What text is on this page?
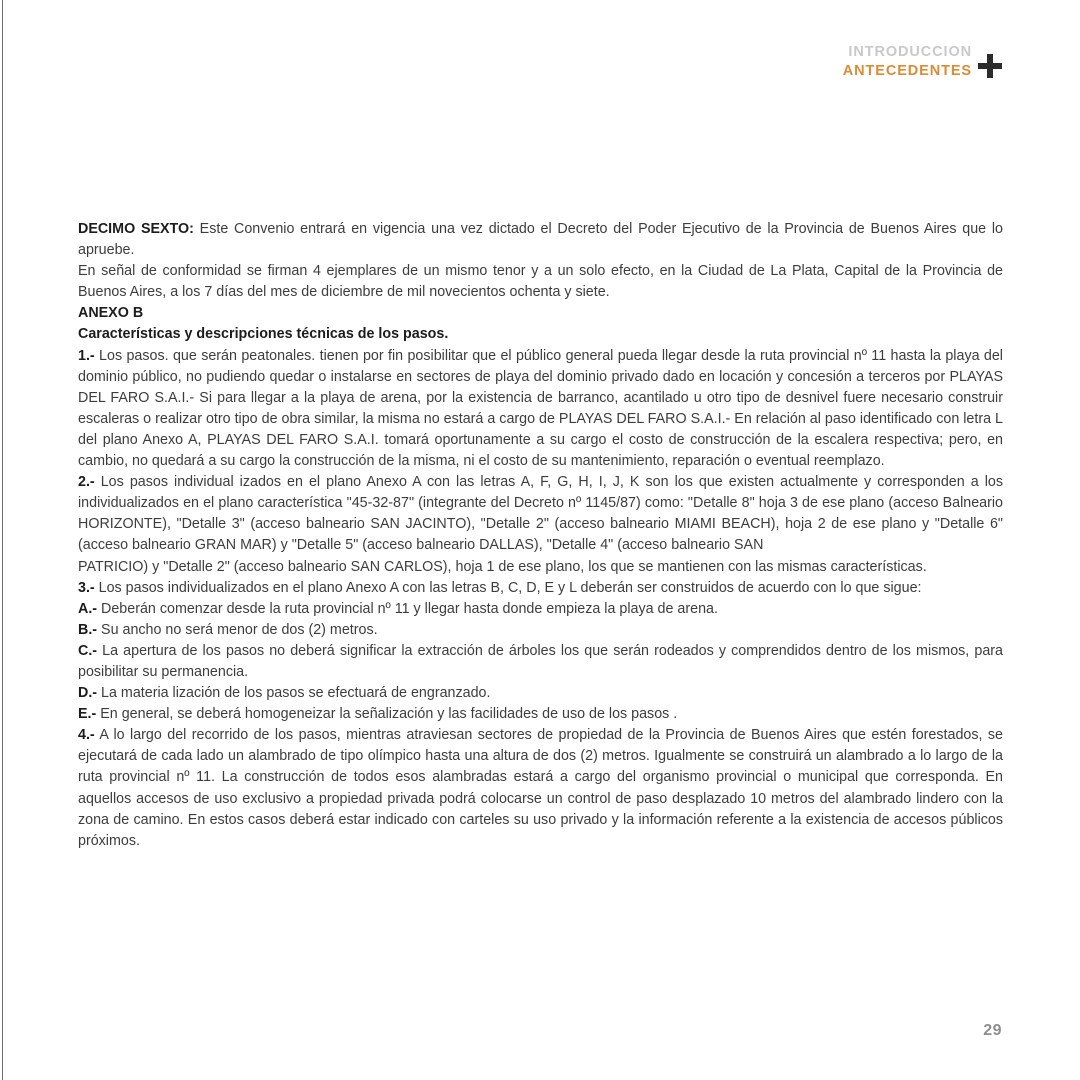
INTRODUCCION
ANTECEDENTES

DECIMO SEXTO: Este Convenio entrará en vigencia una vez dictado el Decreto del Poder Ejecutivo de la Provincia de Buenos Aires que lo apruebe.

En señal de conformidad se firman 4 ejemplares de un mismo tenor y a un solo efecto, en la Ciudad de La Plata, Capital de la Provincia de Buenos Aires, a los 7 días del mes de diciembre de mil novecientos ochenta y siete.

ANEXO B

Características y descripciones técnicas de los pasos.

1.- Los pasos. que serán peatonales. tienen por fin posibilitar que el público general pueda llegar desde la ruta provincial nº 11 hasta la playa del dominio público, no pudiendo quedar o instalarse en sectores de playa del dominio privado dado en locación y concesión a terceros por PLAYAS DEL FARO S.A.I.- Si para llegar a la playa de arena, por la existencia de barranco, acantilado u otro tipo de desnivel fuere necesario construir escaleras o realizar otro tipo de obra similar, la misma no estará a cargo de PLAYAS DEL FARO S.A.I.- En relación al paso identificado con letra L del plano Anexo A, PLAYAS DEL FARO S.A.I. tomará oportunamente a su cargo el costo de construcción de la escalera respectiva; pero, en cambio, no quedará a su cargo la construcción de la misma, ni el costo de su mantenimiento, reparación o eventual reemplazo.

2.- Los pasos individual izados en el plano Anexo A con las letras A, F, G, H, I, J, K son los que existen actualmente y corresponden a los individualizados en el plano característica "45-32-87" (integrante del Decreto nº 1145/87) como: "Detalle 8" hoja 3 de ese plano (acceso Balneario HORIZONTE), "Detalle 3" (acceso balneario SAN JACINTO), "Detalle 2" (acceso balneario MIAMI BEACH), hoja 2 de ese plano y "Detalle 6" (acceso balneario GRAN MAR) y "Detalle 5" (acceso balneario DALLAS), "Detalle 4" (acceso balneario SAN

PATRICIO) y "Detalle 2" (acceso balneario SAN CARLOS), hoja 1 de ese plano, los que se mantienen con las mismas características.

3.- Los pasos individualizados en el plano Anexo A con las letras B, C, D, E y L deberán ser construidos de acuerdo con lo que sigue:

A.- Deberán comenzar desde la ruta provincial nº 11 y llegar hasta donde empieza la playa de arena.

B.- Su ancho no será menor de dos (2) metros.

C.- La apertura de los pasos no deberá significar la extracción de árboles los que serán rodeados y comprendidos dentro de los mismos, para posibilitar su permanencia.

D.- La materia lización de los pasos se efectuará de engranzado.

E.- En general, se deberá homogeneizar la señalización y las facilidades de uso de los pasos .

4.- A lo largo del recorrido de los pasos, mientras atraviesan sectores de propiedad de la Provincia de Buenos Aires que estén forestados, se ejecutará de cada lado un alambrado de tipo olímpico hasta una altura de dos (2) metros. Igualmente se construirá un alambrado a lo largo de la ruta provincial nº 11. La construcción de todos esos alambradas estará a cargo del organismo provincial o municipal que corresponda. En aquellos accesos de uso exclusivo a propiedad privada podrá colocarse un control de paso desplazado 10 metros del alambrado lindero con la zona de camino. En estos casos deberá estar indicado con carteles su uso privado y la información referente a la existencia de accesos públicos próximos.

29
